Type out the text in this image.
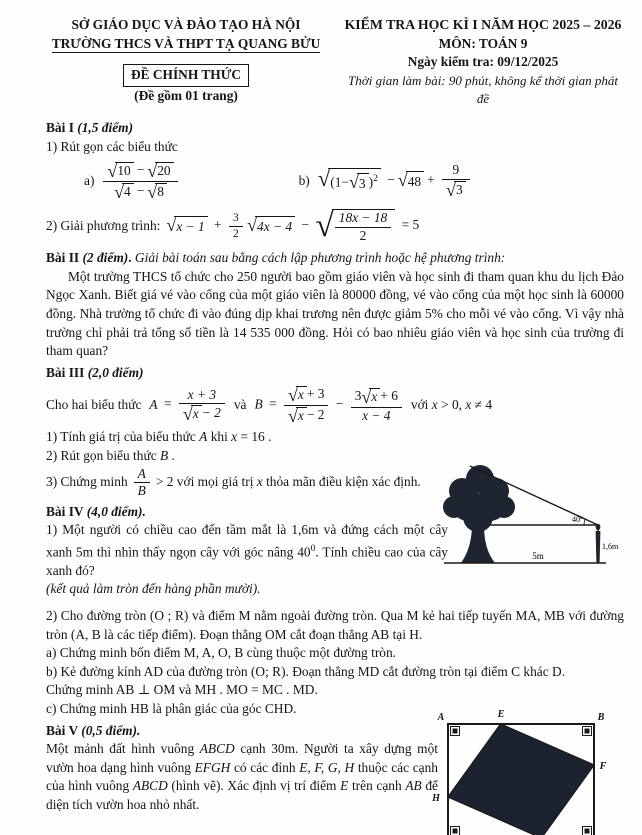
SỞ GIÁO DỤC VÀ ĐÀO TẠO HÀ NỘI
TRƯỜNG THCS VÀ THPT TẠ QUANG BỬU
ĐỀ CHÍNH THỨC
(Đề gồm 01 trang)
KIỂM TRA HỌC KÌ I NĂM HỌC 2025 – 2026
MÔN: TOÁN 9
Ngày kiểm tra: 09/12/2025
Thời gian làm bài: 90 phút, không kể thời gian phát đề
Bài I (1,5 điểm)
1) Rút gọn các biểu thức
$a) \frac{√ 10 - √ 20}{√ 4 - √ 8}$	b) √ (1− √ 3 )$^2$ − √ $48 + \frac{9}{√ 3}$
2) Giải phương trình: √ $x - 1 + \frac{3}{2}$
√ 4x − 4 − √ $\frac{18x - 18}{2} = 5$
Bài II (2 điểm). Giải bài toán sau bằng cách lập phương trình hoặc hệ phương trình:
Một trường THCS tổ chức cho 250 người bao gồm giáo viên và học sinh đi tham quan khu du lịch Đảo Ngọc Xanh. Biết giá vé vào cổng của một giáo viên là 80000 đồng, vé vào cổng của một học sinh là 60000 đồng. Nhà trường tổ chức đi vào đúng dịp khai trương nên được giảm 5% cho mỗi vé vào cổng. Vì vậy nhà trường chỉ phải trả tổng số tiền là 14 535 000 đồng. Hỏi có bao nhiêu giáo viên và học sinh của trường đi tham quan?
Bài III (2,0 điểm)
Cho hai biểu thức $A = \frac{x + 3}{√ x - 2}$ và $B = \frac{√ x + 3}{√ x - 2} - \frac{3 √ x + 6}{x - 4}$ với x > 0, x ≠ 4
1) Tính giá trị của biểu thức A khi x = 16 .
2) Rút gọn biểu thức B .
3) Chứng minh $\frac{A}{B} > 2$ với mọi giá trị x thỏa mãn điều kiện xác định.
40°
1,6m
5m
Bài IV (4,0 điểm).
1) Một người có chiều cao đến tầm mắt là 1,6m và đứng cách một cây xanh 5m thì nhìn thấy ngọn cây với góc nâng $40^0$. Tính chiều cao của cây xanh đó?
(kết quả làm tròn đến hàng phần mười).
2) Cho đường tròn (O ; R) và điểm M nằm ngoài đường tròn. Qua M kẻ hai tiếp tuyến MA, MB với đường tròn (A, B là các tiếp điểm). Đoạn thẳng OM cắt đoạn thẳng AB tại H.
a) Chứng minh bốn điểm M, A, O, B cùng thuộc một đường tròn.
b) Kẻ đường kính AD của đường tròn (O; R). Đoạn thẳng MD cắt đường tròn tại điểm C khác D.
Chứng minh AB ⊥ OM và MH . MO = MC . MD.
c) Chứng minh HB là phân giác của góc CHD.
A	E	B
F
H
Bài V (0,5 điểm).
Một mảnh đất hình vuông ABCD cạnh 30m. Người ta xây dựng một vườn hoa dạng hình vuông EFGH có các đỉnh E, F, G, H thuộc các cạnh của hình vuông ABCD (hình vẽ). Xác định vị trí điểm E trên cạnh AB để diện tích vườn hoa nhỏ nhất.
